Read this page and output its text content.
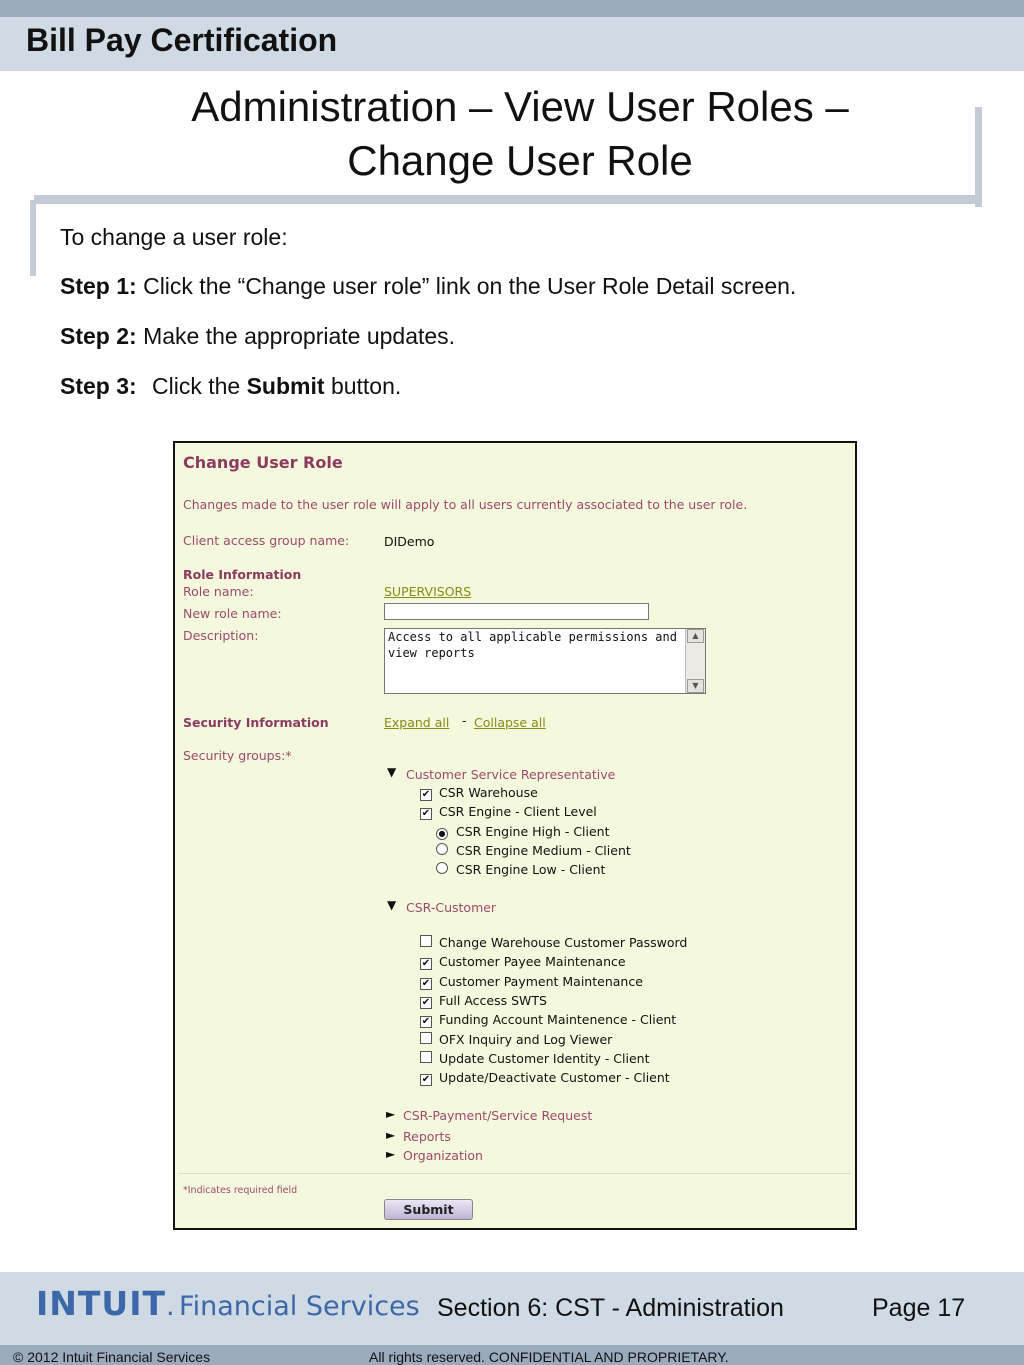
Bill Pay Certification
Administration – View User Roles –
Change User Role
To change a user role:
Step 1: Click the “Change user role” link on the User Role Detail screen.
Step 2: Make the appropriate updates.
Step 3: Click the Submit button.
Change User Role
Changes made to the user role will apply to all users currently associated to the user role.
Client access group name:	DIDemo
Role Information
Role name:	SUPERVISORS
New role name:
Description:	Access to all applicable permissions and view reports
▲
▼
Security Information	Expand all - Collapse all
Security groups:*
▼ Customer Service Representative
✔ CSR Warehouse
✔ CSR Engine - Client Level
● CSR Engine High - Client
CSR Engine Medium - Client
CSR Engine Low - Client
▼ CSR-Customer
Change Warehouse Customer Password
✔ Customer Payee Maintenance
✔ Customer Payment Maintenance
✔ Full Access SWTS
✔ Funding Account Maintenence - Client
OFX Inquiry and Log Viewer
Update Customer Identity - Client
✔ Update/Deactivate Customer - Client
► CSR-Payment/Service Request
► Reports
► Organization
*Indicates required field
Submit
INTUIT. Financial Services Section 6: CST - Administration	Page 17
© 2012 Intuit Financial Services	All rights reserved. CONFIDENTIAL AND PROPRIETARY.
